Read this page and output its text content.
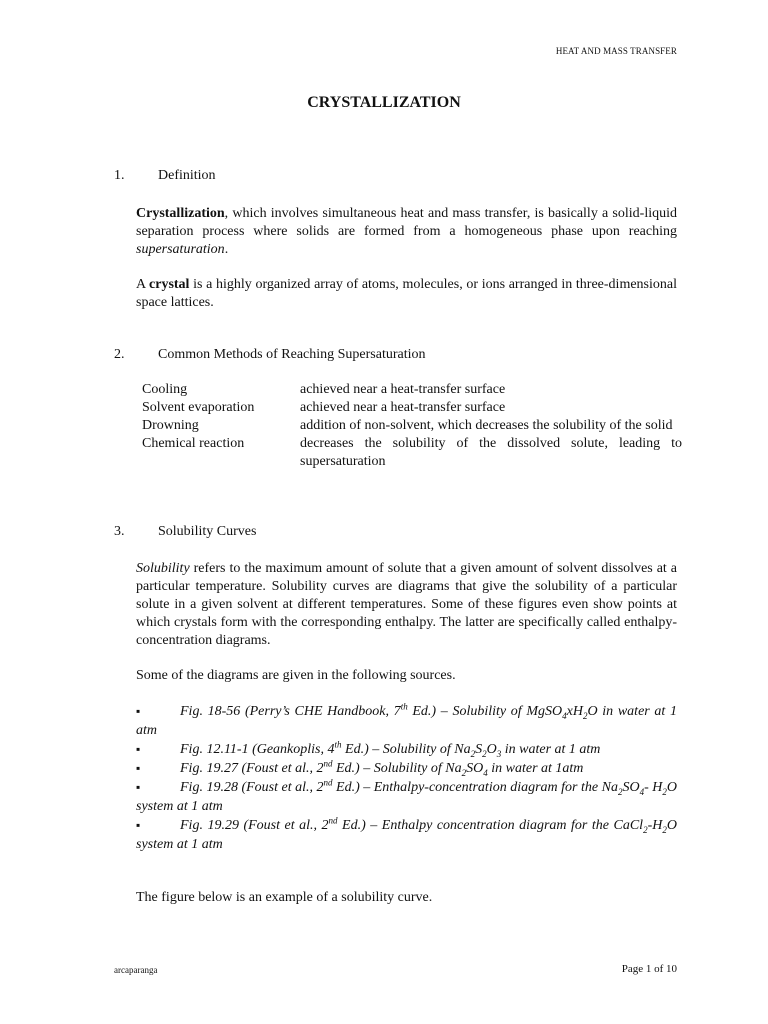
HEAT AND MASS TRANSFER
CRYSTALLIZATION
1. Definition
Crystallization, which involves simultaneous heat and mass transfer, is basically a solid-liquid separation process where solids are formed from a homogeneous phase upon reaching supersaturation.
A crystal is a highly organized array of atoms, molecules, or ions arranged in three-dimensional space lattices.
2. Common Methods of Reaching Supersaturation
Cooling	achieved near a heat-transfer surface
Solvent evaporation	achieved near a heat-transfer surface
Drowning	addition of non-solvent, which decreases the solubility of the solid
Chemical reaction	decreases the solubility of the dissolved solute, leading to supersaturation
3. Solubility Curves
Solubility refers to the maximum amount of solute that a given amount of solvent dissolves at a particular temperature. Solubility curves are diagrams that give the solubility of a particular solute in a given solvent at different temperatures. Some of these figures even show points at which crystals form with the corresponding enthalpy. The latter are specifically called enthalpy-concentration diagrams.
Some of the diagrams are given in the following sources.
▪	Fig. 18-56 (Perry’s CHE Handbook, 7th Ed.) – Solubility of $MgSO_4xH_2O$ in water at 1 atm
▪	Fig. 12.11-1 (Geankoplis, 4th Ed.) – Solubility of $Na_2S_2O_3$ in water at 1 atm
▪	Fig. 19.27 (Foust et al., 2nd Ed.) – Solubility of $Na_2SO_4$ in water at 1atm
▪	Fig. 19.28 (Foust et al., 2nd Ed.) – Enthalpy-concentration diagram for the $Na_2SO_4-$ $H_2O$ system at 1 atm
▪	Fig. 19.29 (Foust et al., 2nd Ed.) – Enthalpy concentration diagram for the $CaCl_2-H_2O$ system at 1 atm
The figure below is an example of a solubility curve.
arcaparanga	Page 1 of 10
